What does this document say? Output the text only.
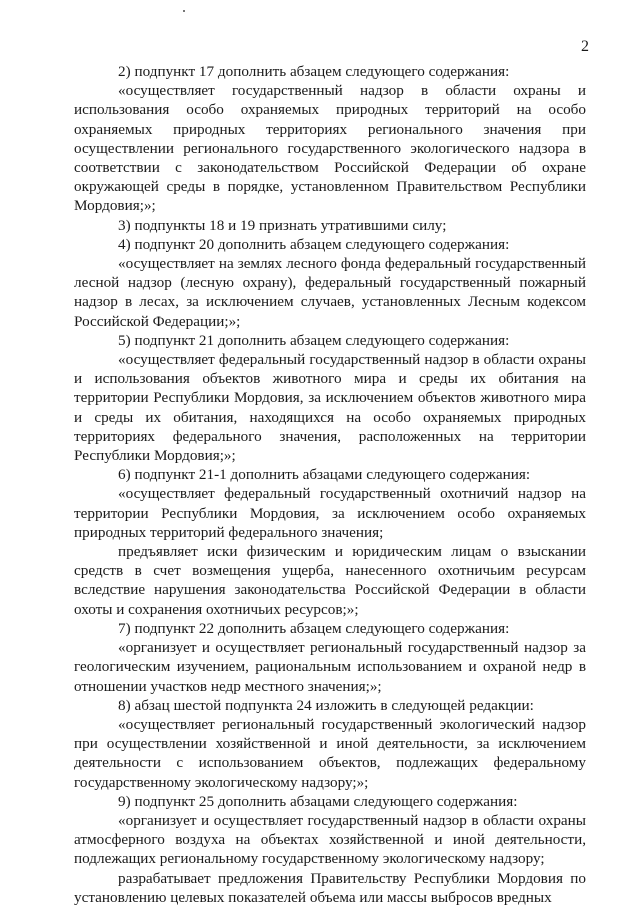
2

2) подпункт 17 дополнить абзацем следующего содержания:

«осуществляет государственный надзор в области охраны и использования особо охраняемых природных территорий на особо охраняемых природных территориях регионального значения при осуществлении регионального государственного экологического надзора в соответствии с законодательством Российской Федерации об охране окружающей среды в порядке, установленном Правительством Республики Мордовия;»;

3) подпункты 18 и 19 признать утратившими силу;

4) подпункт 20 дополнить абзацем следующего содержания:

«осуществляет на землях лесного фонда федеральный государственный лесной надзор (лесную охрану), федеральный государственный пожарный надзор в лесах, за исключением случаев, установленных Лесным кодексом Российской Федерации;»;

5) подпункт 21 дополнить абзацем следующего содержания:

«осуществляет федеральный государственный надзор в области охраны и использования объектов животного мира и среды их обитания на территории Республики Мордовия, за исключением объектов животного мира и среды их обитания, находящихся на особо охраняемых природных территориях федерального значения, расположенных на территории Республики Мордовия;»;

6) подпункт 21-1 дополнить абзацами следующего содержания:

«осуществляет федеральный государственный охотничий надзор на территории Республики Мордовия, за исключением особо охраняемых природных территорий федерального значения;

предъявляет иски физическим и юридическим лицам о взыскании средств в счет возмещения ущерба, нанесенного охотничьим ресурсам вследствие нарушения законодательства Российской Федерации в области охоты и сохранения охотничьих ресурсов;»;

7) подпункт 22 дополнить абзацем следующего содержания:

«организует и осуществляет региональный государственный надзор за геологическим изучением, рациональным использованием и охраной недр в отношении участков недр местного значения;»;

8) абзац шестой подпункта 24 изложить в следующей редакции:

«осуществляет региональный государственный экологический надзор при осуществлении хозяйственной и иной деятельности, за исключением деятельности с использованием объектов, подлежащих федеральному государственному экологическому надзору;»;

9) подпункт 25 дополнить абзацами следующего содержания:

«организует и осуществляет государственный надзор в области охраны атмосферного воздуха на объектах хозяйственной и иной деятельности, подлежащих региональному государственному экологическому надзору;

разрабатывает предложения Правительству Республики Мордовия по установлению целевых показателей объема или массы выбросов вредных
